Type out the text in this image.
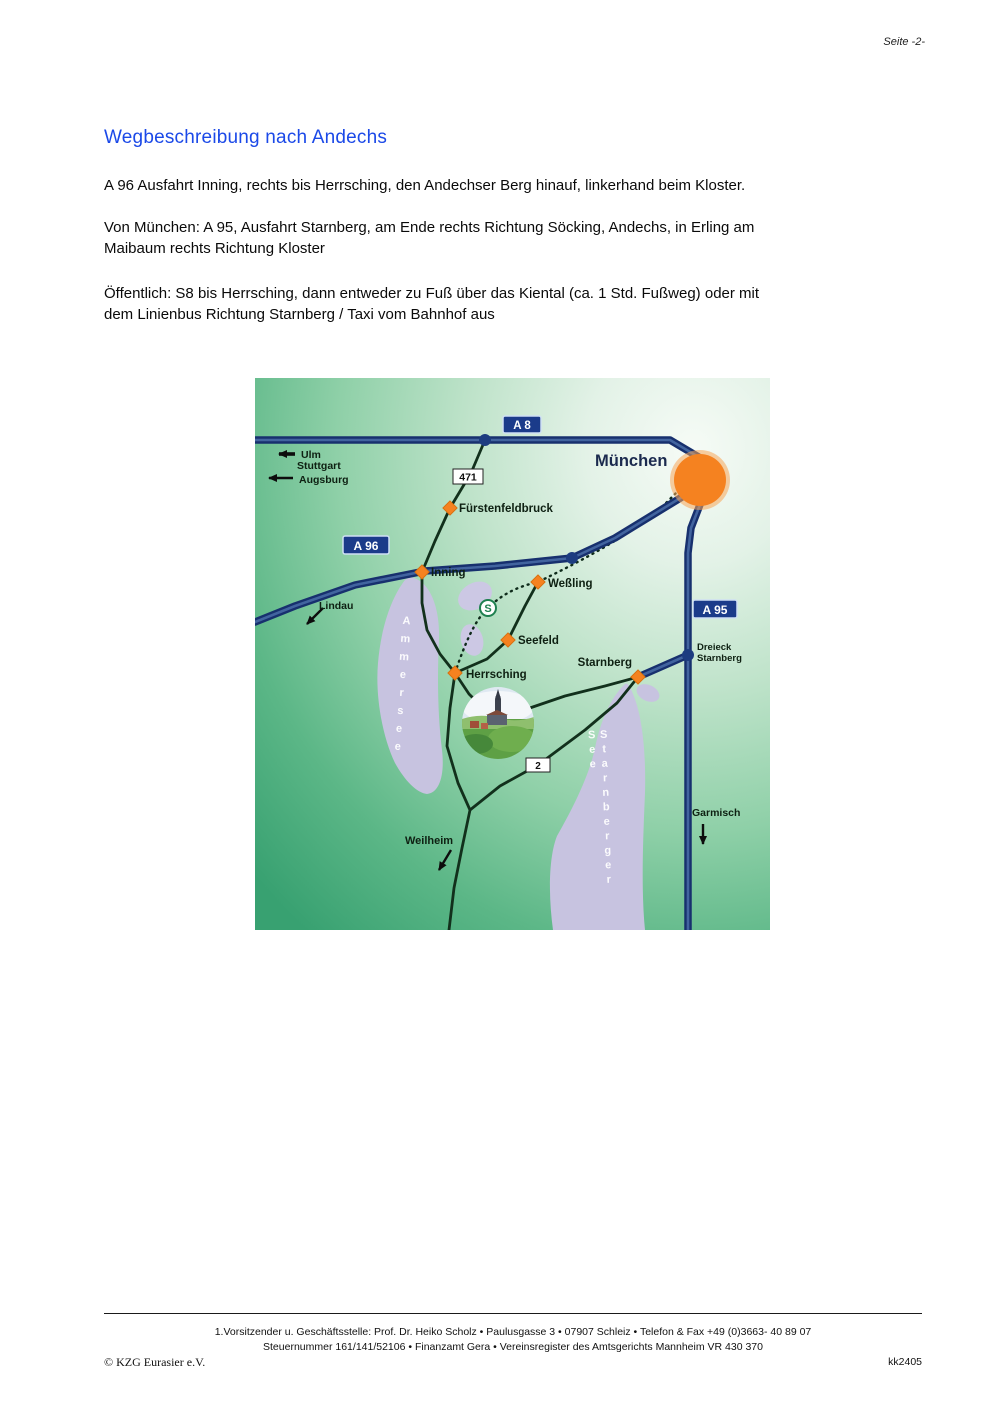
Seite -2-
Wegbeschreibung nach Andechs
A 96 Ausfahrt Inning, rechts bis Herrsching, den Andechser Berg hinauf, linkerhand beim Kloster.
Von München: A 95, Ausfahrt Starnberg, am Ende rechts Richtung Söcking, Andechs, in Erling am
Maibaum rechts Richtung Kloster
Öffentlich: S8 bis Herrsching, dann entweder zu Fuß über das Kiental (ca. 1 Std. Fußweg) oder mit
dem Linienbus Richtung Starnberg / Taxi vom Bahnhof aus
A 8
A 96
A 95
471
2
S
München
Fürstenfeldbruck
Inning
Weßling
Seefeld
Herrsching
Starnberg
Dreieck
Starnberg
Ulm
Stuttgart
Augsburg
Lindau
Weilheim
Garmisch
Ammersee
Starnberger See
1.Vorsitzender u. Geschäftsstelle: Prof. Dr. Heiko Scholz • Paulusgasse 3 • 07907 Schleiz • Telefon & Fax +49 (0)3663- 40 89 07
Steuernummer 161/141/52106 • Finanzamt Gera • Vereinsregister des Amtsgerichts Mannheim VR 430 370
© KZG Eurasier e.V.	kk2405
